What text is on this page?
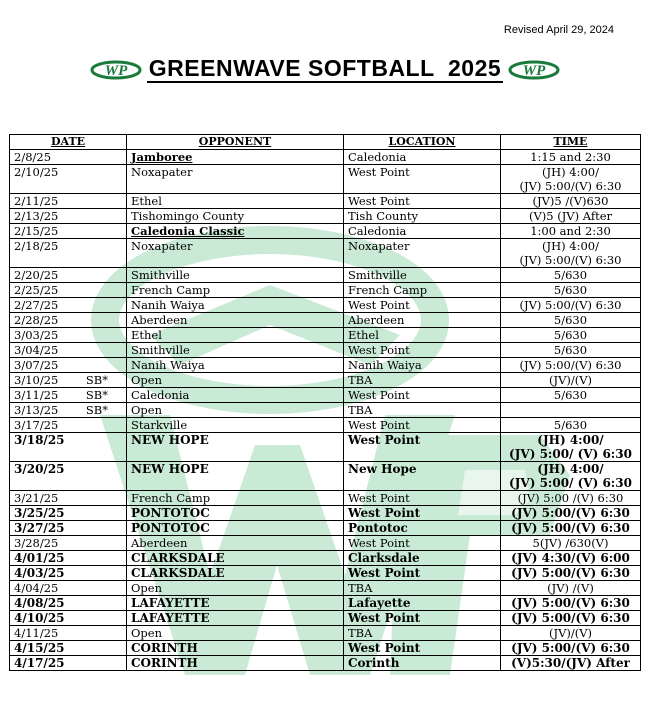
Revised April 29, 2024
WP GREENWAVE SOFTBALL  2025 WP
DATE	OPPONENT	LOCATION	TIME
2/8/25	Jamboree	Caledonia	1:15 and 2:30
2/10/25	Noxapater	West Point	(JH) 4:00/
(JV) 5:00/(V) 6:30
2/11/25	Ethel	West Point	(JV)5 /(V)630
2/13/25	Tishomingo County	Tish County	(V)5 (JV) After
2/15/25	Caledonia Classic	Caledonia	1:00 and 2:30
2/18/25	Noxapater	Noxapater	(JH) 4:00/
(JV) 5:00/(V) 6:30
2/20/25	Smithville	Smithville	5/630
2/25/25	French Camp	French Camp	5/630
2/27/25	Nanih Waiya	West Point	(JV) 5:00/(V) 6:30
2/28/25	Aberdeen	Aberdeen	5/630
3/03/25	Ethel	Ethel	5/630
3/04/25	Smithville	West Point	5/630
3/07/25	Nanih Waiya	Nanih Waiya	(JV) 5:00/(V) 6:30

SB*
3/10/25	Open	TBA	(JV)/(V)

SB*
3/11/25	Caledonia	West Point	5/630

SB*
3/13/25	Open	TBA	
3/17/25	Starkville	West Point	5/630
3/18/25	NEW HOPE	West Point	(JH) 4:00/
(JV) 5:00/ (V) 6:30
3/20/25	NEW HOPE	New Hope	(JH) 4:00/
(JV) 5:00/ (V) 6:30
3/21/25	French Camp	West Point	(JV) 5:00 /(V) 6:30
3/25/25	PONTOTOC	West Point	(JV) 5:00/(V) 6:30
3/27/25	PONTOTOC	Pontotoc	(JV) 5:00/(V) 6:30
3/28/25	Aberdeen	West Point	5(JV) /630(V)
4/01/25	CLARKSDALE	Clarksdale	(JV) 4:30/(V) 6:00
4/03/25	CLARKSDALE	West Point	(JV) 5:00/(V) 6:30
4/04/25	Open	TBA	(JV) /(V)
4/08/25	LAFAYETTE	Lafayette	(JV) 5:00/(V) 6:30
4/10/25	LAFAYETTE	West Point	(JV) 5:00/(V) 6:30
4/11/25	Open	TBA	(JV)/(V)
4/15/25	CORINTH	West Point	(JV) 5:00/(V) 6:30
4/17/25	CORINTH	Corinth	(V)5:30/(JV) After
